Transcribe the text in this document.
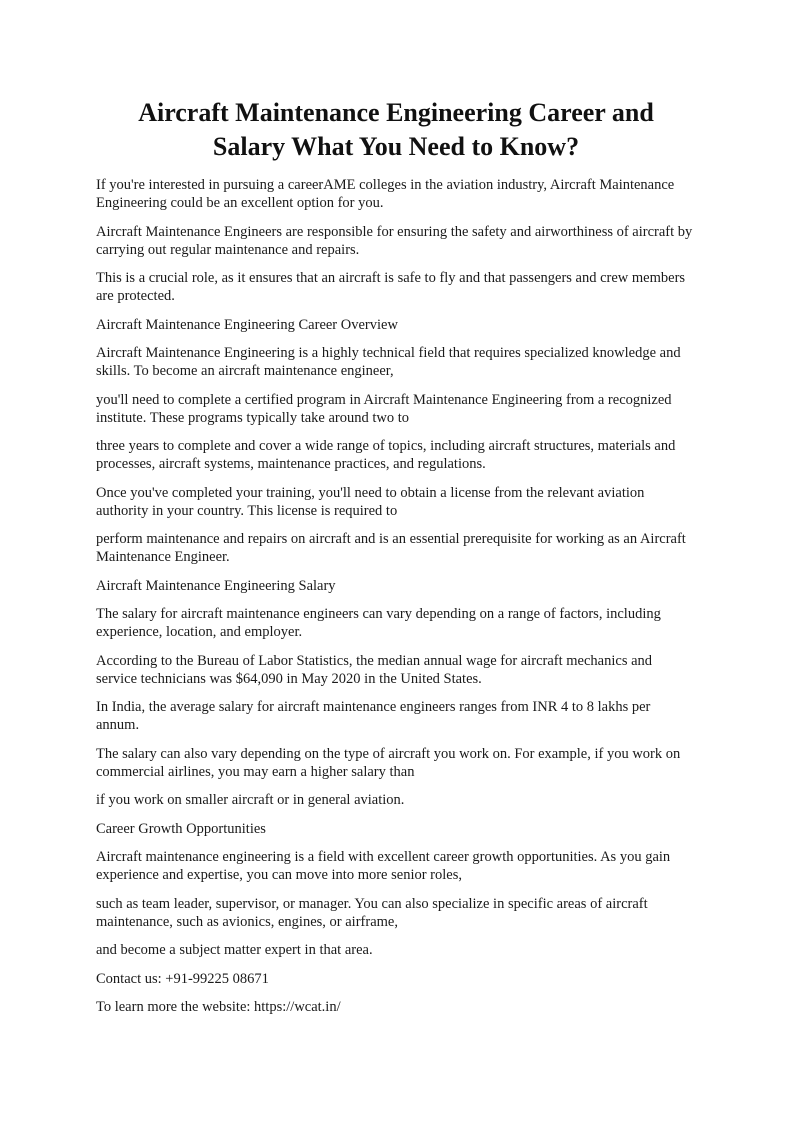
Aircraft Maintenance Engineering Career and
Salary What You Need to Know?

If you're interested in pursuing a careerAME colleges in the aviation industry, Aircraft Maintenance Engineering could be an excellent option for you.

Aircraft Maintenance Engineers are responsible for ensuring the safety and airworthiness of aircraft by carrying out regular maintenance and repairs.

This is a crucial role, as it ensures that an aircraft is safe to fly and that passengers and crew members are protected.

Aircraft Maintenance Engineering Career Overview

Aircraft Maintenance Engineering is a highly technical field that requires specialized knowledge and skills. To become an aircraft maintenance engineer,

you'll need to complete a certified program in Aircraft Maintenance Engineering from a recognized institute. These programs typically take around two to

three years to complete and cover a wide range of topics, including aircraft structures, materials and processes, aircraft systems, maintenance practices, and regulations.

Once you've completed your training, you'll need to obtain a license from the relevant aviation authority in your country. This license is required to

perform maintenance and repairs on aircraft and is an essential prerequisite for working as an Aircraft Maintenance Engineer.

Aircraft Maintenance Engineering Salary

The salary for aircraft maintenance engineers can vary depending on a range of factors, including experience, location, and employer.

According to the Bureau of Labor Statistics, the median annual wage for aircraft mechanics and service technicians was $64,090 in May 2020 in the United States.

In India, the average salary for aircraft maintenance engineers ranges from INR 4 to 8 lakhs per annum.

The salary can also vary depending on the type of aircraft you work on. For example, if you work on commercial airlines, you may earn a higher salary than

if you work on smaller aircraft or in general aviation.

Career Growth Opportunities

Aircraft maintenance engineering is a field with excellent career growth opportunities. As you gain experience and expertise, you can move into more senior roles,

such as team leader, supervisor, or manager. You can also specialize in specific areas of aircraft maintenance, such as avionics, engines, or airframe,

and become a subject matter expert in that area.

Contact us: +91-99225 08671

To learn more the website: https://wcat.in/
